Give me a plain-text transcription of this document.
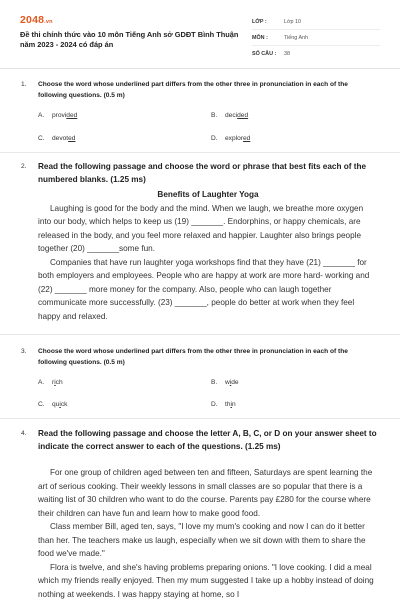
2048.vn
Đề thi chính thức vào 10 môn Tiếng Anh sở GDĐT Bình Thuận năm 2023 - 2024 có đáp án
LỚP :	Lớp 10
MÔN :	Tiếng Anh
SỐ CÂU :	38
1. Choose the word whose underlined part differs from the other three in pronunciation in each of the following questions. (0.5 m)
A. provided	B. decided
C. devoted	D. explored
2. Read the following passage and choose the word or phrase that best fits each of the numbered blanks. (1.25 ms)

Benefits of Laughter Yoga

Laughing is good for the body and the mind. When we laugh, we breathe more oxygen into our body, which helps to keep us (19) _______. Endorphins, or happy chemicals, are released in the body, and you feel more relaxed and happier. Laughter also brings people together (20) _______some fun.

Companies that have run laughter yoga workshops find that they have (21) _______ for both employers and employees. People who are happy at work are more hard- working and (22) _______ more money for the company. Also, people who can laugh together communicate more successfully. (23) _______, people do better at work when they feel happy and relaxed.

3. Choose the word whose underlined part differs from the other three in pronunciation in each of the following questions. (0.5 m)
A. rich	B. wide
C. quick	D. thin
4. Read the following passage and choose the letter A, B, C, or D on your answer sheet to indicate the correct answer to each of the questions. (1.25 ms)

For one group of children aged between ten and fifteen, Saturdays are spent learning the art of serious cooking. Their weekly lessons in small classes are so popular that there is a waiting list of 30 children who want to do the course. Parents pay £280 for the course where their children can have fun and learn how to make good food.

Class member Bill, aged ten, says, "I love my mum's cooking and now I can do it better than her. The teachers make us laugh, especially when we sit down with them to share the food we've made."

Flora is twelve, and she's having problems preparing onions. "I love cooking. I did a meal which my friends really enjoyed. Then my mum suggested I take up a hobby instead of doing nothing at weekends. I was happy staying at home, so I
